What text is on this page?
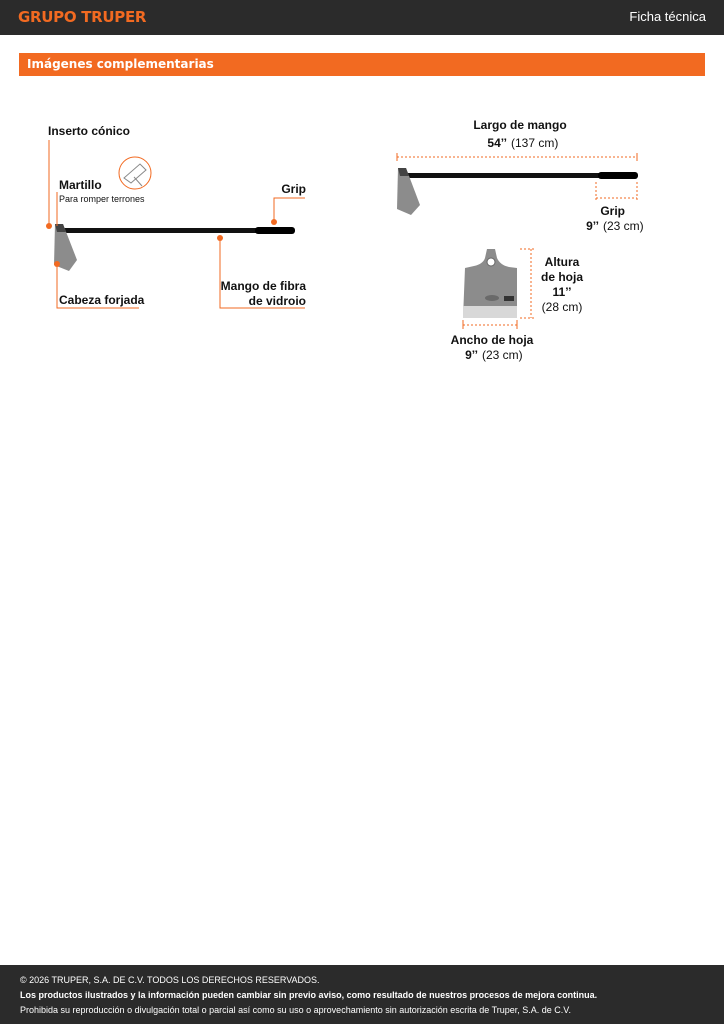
GRUPO TRUPER	Ficha técnica
Imágenes complementarias
Inserto cónico
Martillo
Para romper terrones
Grip
Cabeza forjada
Mango de fibra
de vidroio
Largo de mango
54’’ (137 cm)
Grip
9’’ (23 cm)
Altura
de hoja
11’’
(28 cm)
Ancho de hoja
9’’ (23 cm)
© 2026 TRUPER, S.A. DE C.V. TODOS LOS DERECHOS RESERVADOS.
Los productos ilustrados y la información pueden cambiar sin previo aviso, como resultado de nuestros procesos de mejora continua.
Prohibida su reproducción o divulgación total o parcial así como su uso o aprovechamiento sin autorización escrita de Truper, S.A. de C.V.
